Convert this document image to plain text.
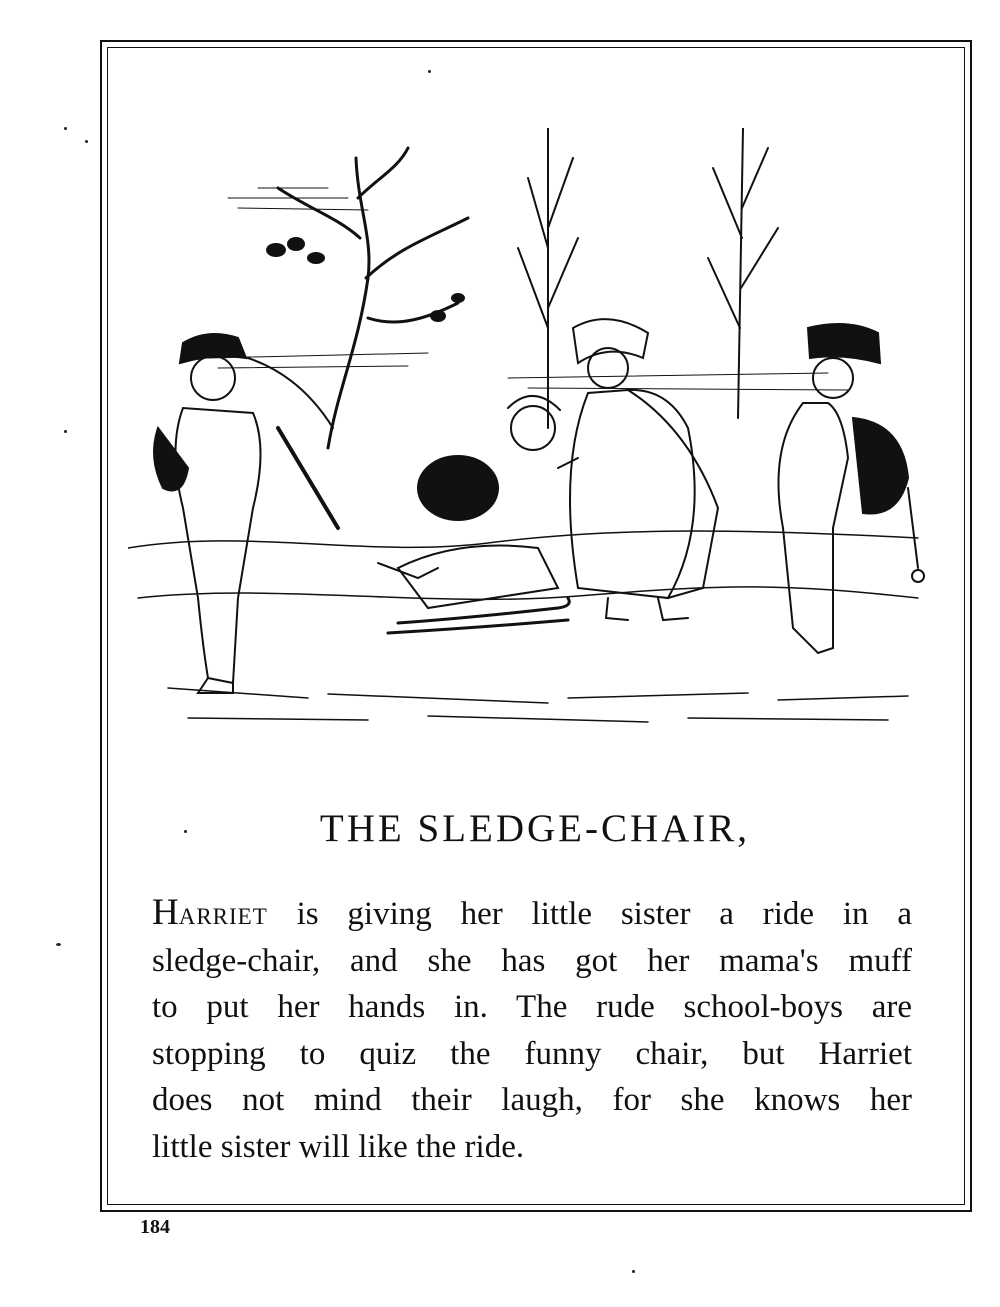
THE SLEDGE-CHAIR,
Harriet is giving her little sister a ride in a
sledge-chair, and she has got her mama's muff
to put her hands in. The rude school-boys are
stopping to quiz the funny chair, but Harriet
does not mind their laugh, for she knows her
little sister will like the ride.
184
